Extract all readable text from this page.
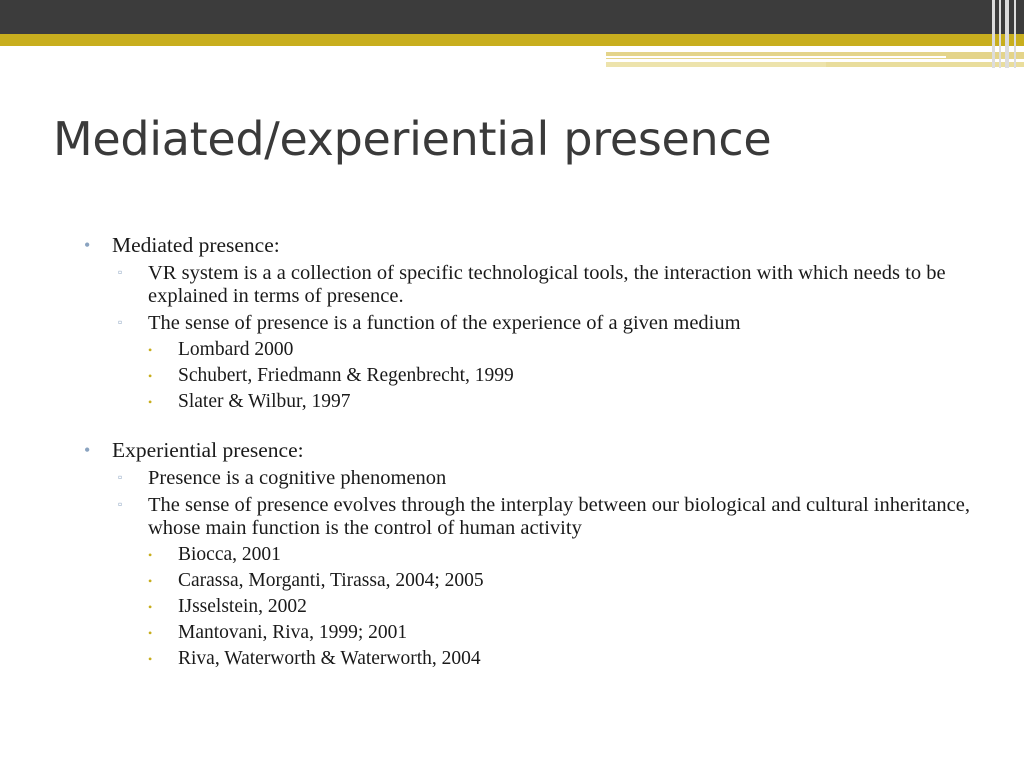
Mediated/experiential presence
• Mediated presence:
▫ VR system is a a collection of specific technological tools, the interaction with which needs to be explained in terms of presence.
▫ The sense of presence is a function of the experience of a given medium
• Lombard 2000
• Schubert, Friedmann & Regenbrecht, 1999
• Slater & Wilbur, 1997
• Experiential presence:
▫ Presence is a cognitive phenomenon
▫ The sense of presence evolves through the interplay between our biological and cultural inheritance, whose main function is the control of human activity
• Biocca, 2001
• Carassa, Morganti, Tirassa, 2004; 2005
• IJsselstein, 2002
• Mantovani, Riva, 1999; 2001
• Riva, Waterworth & Waterworth, 2004
